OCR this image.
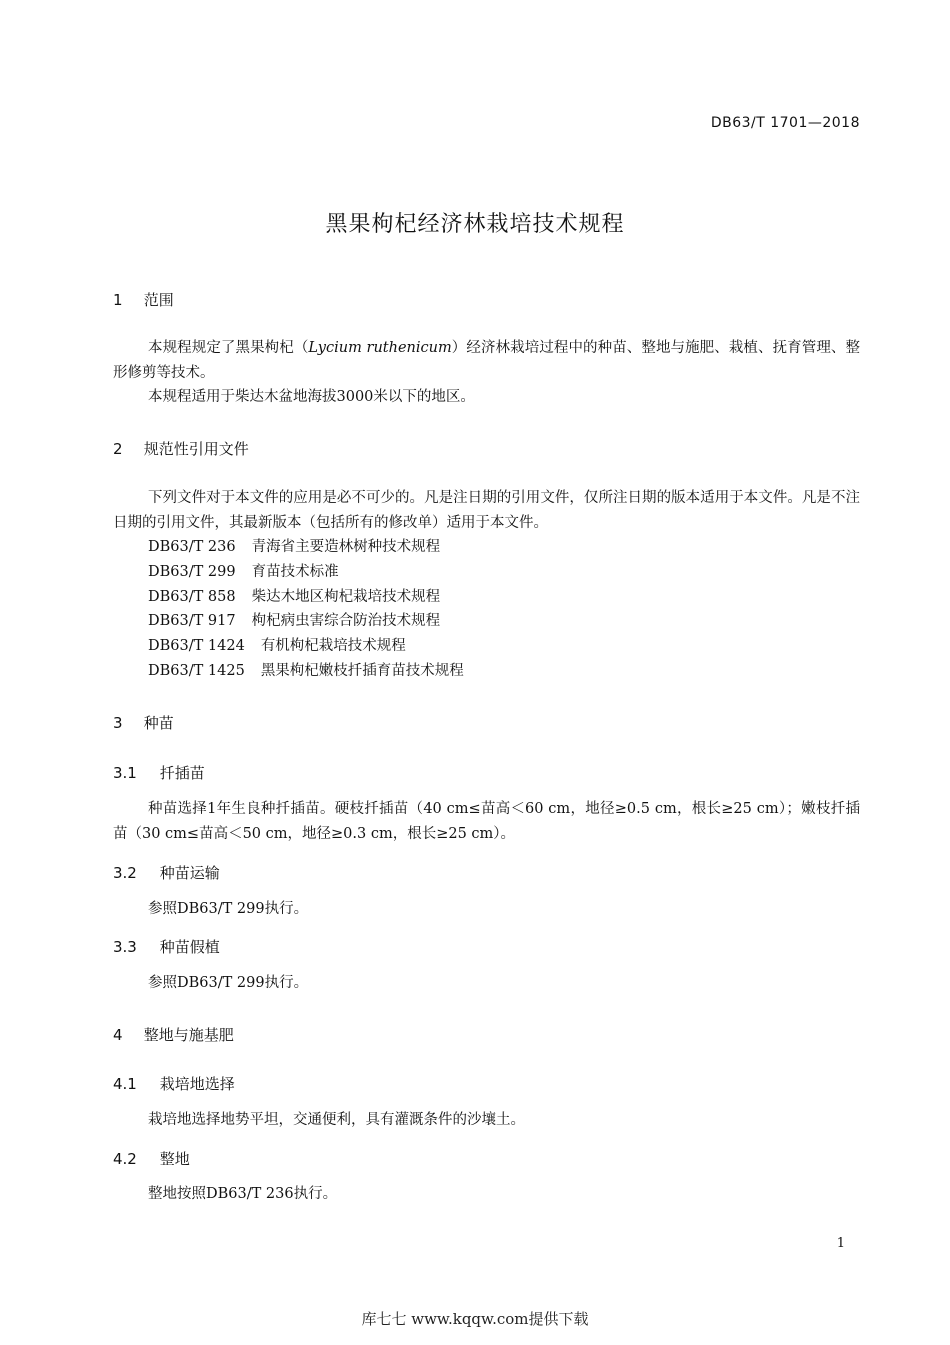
DB63/T 1701—2018
黑果枸杞经济林栽培技术规程
1 范围
本规程规定了黑果枸杞（Lycium ruthenicum）经济林栽培过程中的种苗、整地与施肥、栽植、抚育管理、整形修剪等技术。
本规程适用于柴达木盆地海拔3000米以下的地区。
2 规范性引用文件
下列文件对于本文件的应用是必不可少的。凡是注日期的引用文件，仅所注日期的版本适用于本文件。凡是不注日期的引用文件，其最新版本（包括所有的修改单）适用于本文件。
DB63/T 236 青海省主要造林树种技术规程
DB63/T 299 育苗技术标准
DB63/T 858 柴达木地区枸杞栽培技术规程
DB63/T 917 枸杞病虫害综合防治技术规程
DB63/T 1424 有机枸杞栽培技术规程
DB63/T 1425 黑果枸杞嫩枝扦插育苗技术规程
3 种苗
3.1 扦插苗
种苗选择1年生良种扦插苗。硬枝扦插苗（40 cm≤苗高＜60 cm，地径≥0.5 cm，根长≥25 cm）；嫩枝扦插苗（30 cm≤苗高＜50 cm，地径≥0.3 cm，根长≥25 cm）。
3.2 种苗运输
参照DB63/T 299执行。
3.3 种苗假植
参照DB63/T 299执行。
4 整地与施基肥
4.1 栽培地选择
栽培地选择地势平坦，交通便利，具有灌溉条件的沙壤土。
4.2 整地
整地按照DB63/T 236执行。
1
库七七 www.kqqw.com提供下载
